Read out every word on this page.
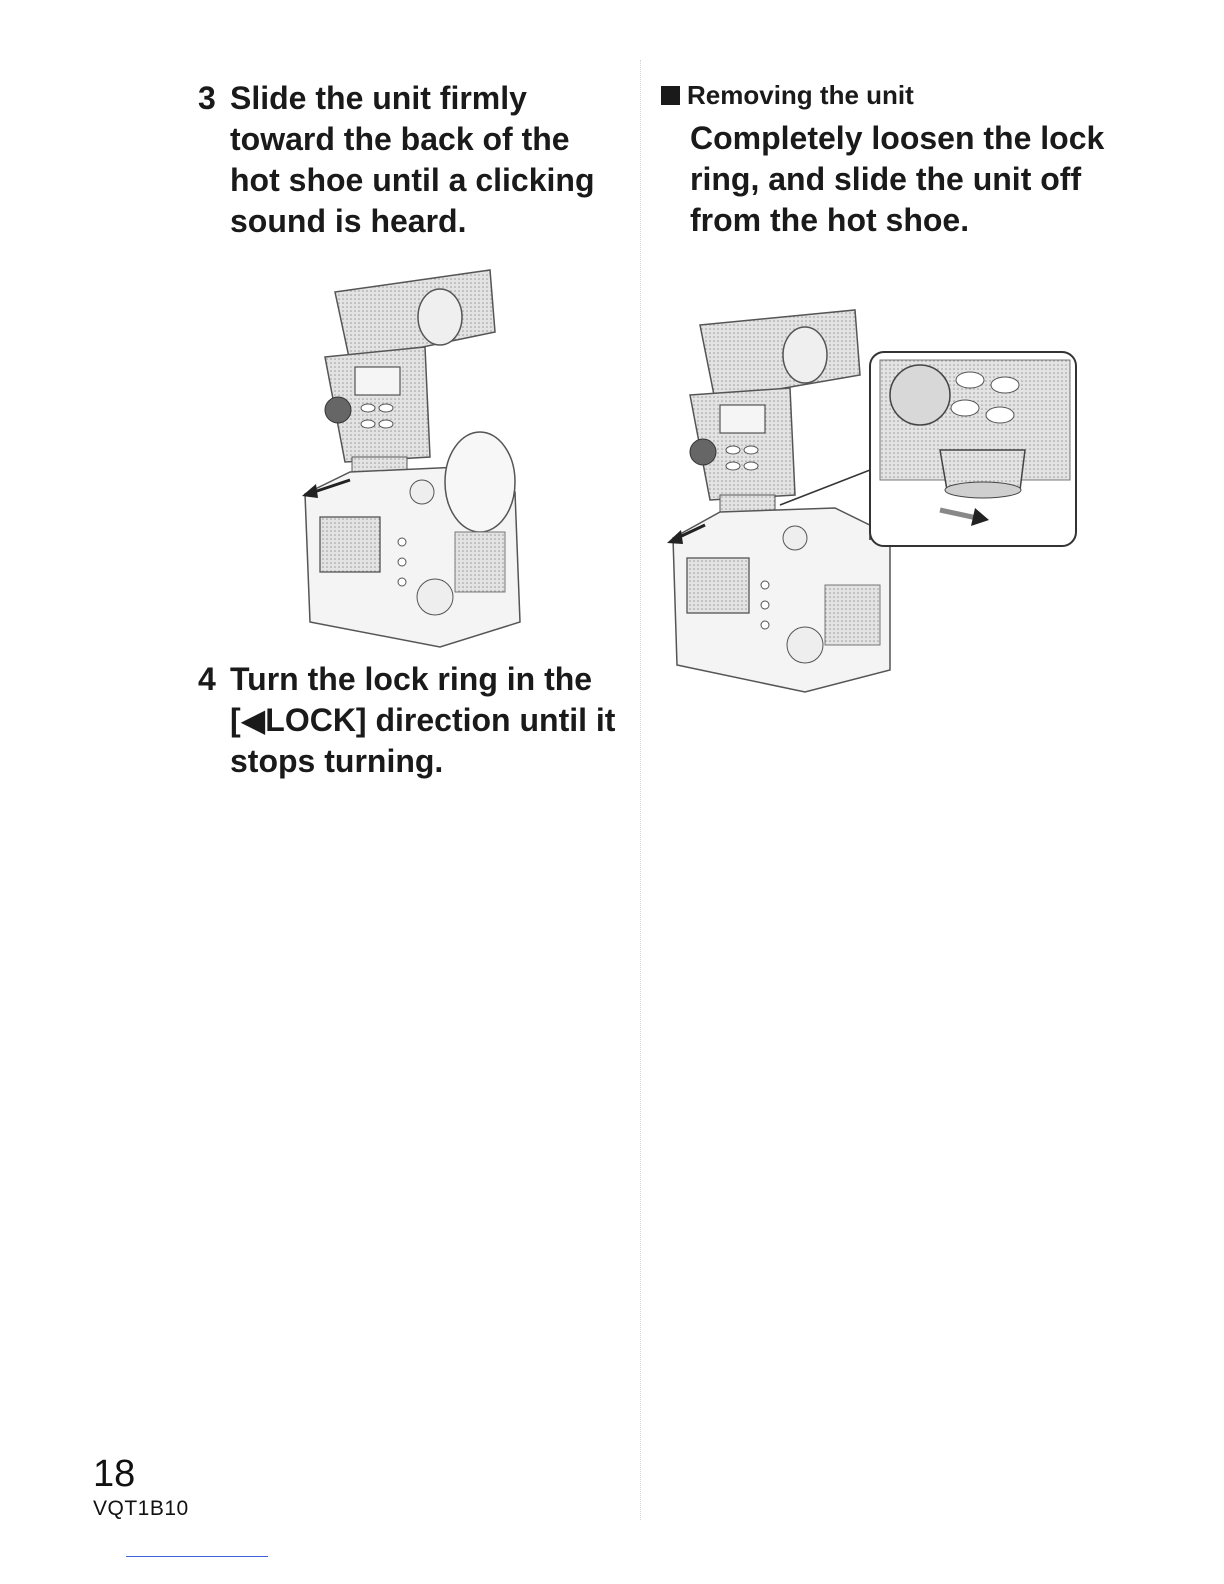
3 Slide the unit firmly toward the back of the hot shoe until a clicking sound is heard.
4 Turn the lock ring in the [◀LOCK] direction until it stops turning.
Removing the unit
Completely loosen the lock ring, and slide the unit off from the hot shoe.
18
VQT1B10
